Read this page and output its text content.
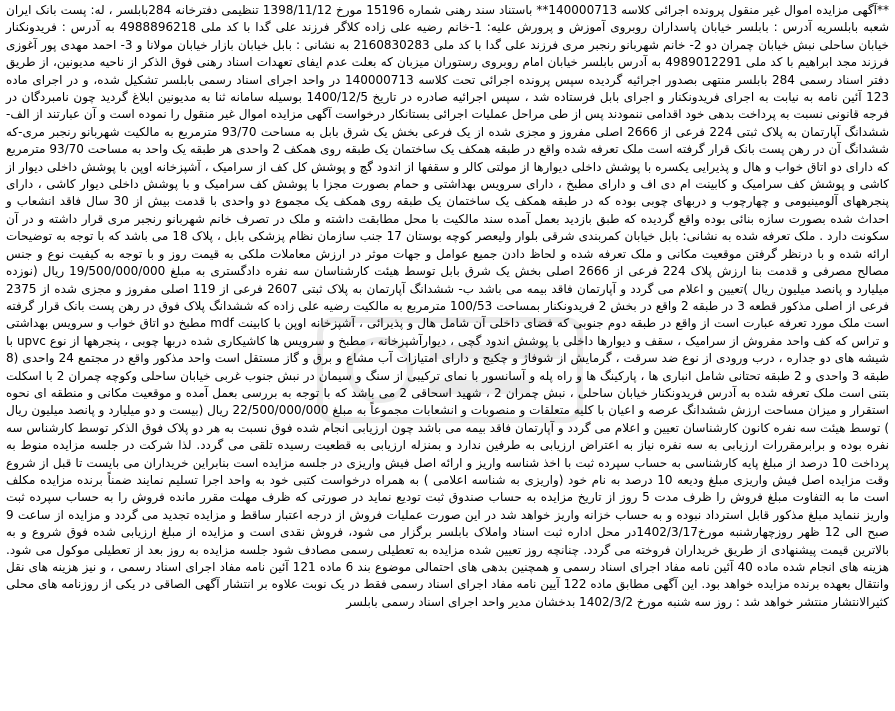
**آگهی مزایده اموال غیر منقول پرونده اجرائی کلاسه 140000713** باستناد سند رهنی شماره 15196 مورخ 1398/11/12 تنظیمی دفترخانه 284بابلسر ، له: پست بانک ایران شعبه بابلسریه آدرس : بابلسر خیابان پاسداران روبروی آموزش و پرورش علیه: 1-خانم رضیه علی زاده کلاگر فرزند علی گدا با کد ملی 4988896218 به آدرس : فریدونکنار خیابان ساحلی نبش خیابان چمران دو 2- خانم شهربانو رنجبر مری فرزند علی گدا با کد ملی 2160830283 به نشانی : بابل خیابان بازار خیابان مولانا و 3- احمد مهدی پور آغوزی فرزند مجد ابراهیم با کد ملی 4989012291 به آدرس بابلسر خیابان امام روبروی رستوران میزبان که بعلت عدم ایفای تعهدات اسناد رهنی فوق الذکر از ناحیه مدیونین، از طریق دفتر اسناد رسمی 284 بابلسر منتهی بصدور اجرائیه گردیده سپس پرونده اجرائی تحت کلاسه 140000713 در واحد اجرای اسناد رسمی بابلسر تشکیل شده، و در اجرای ماده 123 آئین نامه به نیابت به اجرای فریدونکنار و اجرای بابل فرستاده شد ، سپس اجرائیه صادره در تاریخ 1400/12/5 بوسیله سامانه ثنا به مدیونین ابلاغ گردید چون نامبردگان در فرجه قانونی نسبت به پرداخت بدهی خود اقدامی ننمودند پس از طی مراحل عملیات اجرائی بستانکار درخواست آگهی مزایده اموال غیر منقول را نموده است و آن عبارتند از الف- ششدانگ آپارتمان به پلاک ثبتی 224 فرعی از 2666 اصلی مفروز و مجزی شده از یک فرعی بخش یک شرق بابل به مساحت 93/70 مترمربع به مالکیت شهربانو رنجبر مری-که ششدانگ آن در رهن پست بانک قرار گرفته است ملک تعرفه شده واقع در طبقه همکف یک ساختمان یک طبقه روی همکف 2 واحدی هر طبقه یک واحد به مساحت 93/70 مترمربع که دارای دو اتاق خواب و هال و پذیرایی یکسره با پوشش داخلی دیوارها از مولتی کالر و سقفها از اندود گچ و پوشش کل کف از سرامیک ، آشپزخانه اوپن با پوشش داخلی دیوار از کاشی و پوشش کف سرامیک و کابینت ام دی اف و دارای مطبخ ، دارای سرویس بهداشتی و حمام بصورت مجزا با پوشش کف سرامیک و با پوشش داخلی دیوار کاشی ، دارای پنجرههای آلومینیومی و چهارچوب و دربهای چوبی بوده که در طبقه همکف یک ساختمان یک طبقه روی همکف یک مجموع دو واحدی با قدمت بیش از 30 سال فاقد انشعاب و احداث شده بصورت سازه بنائی بوده واقع گردیده که طبق بازدید بعمل آمده سند مالکیت با محل مطابقت داشته و ملک در تصرف خانم شهربانو رنجبر مری قرار داشته و در آن سکونت دارد . ملک تعرفه شده به نشانی: بابل خیابان کمربندی شرقی بلوار ولیعصر کوچه بوستان 17 جنب سازمان نظام پزشکی بابل ، پلاک 18 می باشد که با توجه به توضیحات ارائه شده و با درنظر گرفتن موقعیت مکانی و ملک تعرفه شده و لحاظ دادن جمیع عوامل و جهات موثر در ارزش معاملات ملکی به قیمت روز و با توجه به کیفیت نوع و جنس مصالح مصرفی و قدمت بنا ارزش پلاک 224 فرعی از 2666 اصلی بخش یک شرق بابل توسط هیئت کارشناسان سه نفره دادگستری به مبلغ 19/500/000/000 ریال (نوزده میلیارد و پانصد میلیون ریال )تعیین و اعلام می گردد و آپارتمان فاقد بیمه می باشد ب- ششدانگ آپارتمان به پلاک ثبتی 2607 فرعی از 119 اصلی مفروز و مجزی شده از 2375 فرعی از اصلی مذکور قطعه 3 در طبقه 2 واقع در بخش 2 فریدونکنار بمساحت 100/53 مترمربع به مالکیت رضیه علی زاده که ششدانگ پلاک فوق در رهن پست بانک قرار گرفته است ملک مورد تعرفه عبارت است از واقع در طبقه دوم جنوبی که فضای داخلی آن شامل هال و پذیرائی ، آشپزخانه اوپن با کابینت mdf مطبخ دو اتاق خواب و سرویس بهداشتی و تراس که کف واحد مفروش از سرامیک ، سقف و دیوارها داخلی با پوشش اندود گچی ، دیوارآشپزخانه ، مطبخ و سرویس ها کاشیکاری شده دربها چوبی ، پنجرهها از نوع upvc با شیشه های دو جداره ، درب ورودی از نوع ضد سرقت ، گرمایش از شوفاژ و چکیج و دارای امتیازات آب مشاع و برق و گاز مستقل است واحد مذکور واقع در مجتمع 24 واحدی (8 طبقه 3 واحدی و 2 طبقه تحتانی شامل انباری ها ، پارکینگ ها و راه پله و آسانسور با نمای ترکیبی از سنگ و سیمان در نبش جنوب غربی خیابان ساحلی وکوچه چمران 2 با اسکلت بتنی است ملک تعرفه شده به آدرس فریدونکنار خیابان ساحلی ، نبش چمران 2 ، شهید اسحاقی 2 می باشد که با توجه به بررسی بعمل آمده و موقعیت مکانی و منطقه ای نحوه استقرار و میزان مساحت ارزش ششدانگ عرصه و اعیان با کلیه متعلقات و منصوبات و انشعابات مجموعاً به مبلغ 22/500/000/000 ریال (بیست و دو میلیارد و پانصد میلیون ریال ) توسط هیئت سه نفره کانون کارشناسان تعیین و اعلام می گردد و آپارتمان فاقد بیمه می باشد چون ارزیابی انجام شده فوق نسبت به هر دو پلاک فوق الذکر توسط کارشناس سه نفره بوده و برابرمقررات ارزیابی به سه نفره نیاز به اعتراض ارزیابی به طرفین ندارد و بمنزله ارزیابی به قطعیت رسیده تلقی می گردد. لذا شرکت در جلسه مزایده منوط به پرداخت 10 درصد از مبلغ پایه کارشناسی به حساب سپرده ثبت با اخذ شناسه واریز و ارائه اصل فیش واریزی در جلسه مزایده است بنابراین خریداران می بایست تا قبل از شروع وقت مزایده اصل فیش واریزی مبلغ ودیعه 10 درصد به نام خود (واریزی به شناسه اعلامی ) به همراه درخواست کتبی خود به واحد اجرا تسلیم نمایند ضمناً برنده مزایده مکلف است ما به التفاوت مبلغ فروش را ظرف مدت 5 روز از تاریخ مزایده به حساب صندوق ثبت تودیع نماید در صورتی که ظرف مهلت مقرر مانده فروش را به حساب سپرده ثبت واریز ننماید مبلغ مذکور قابل استرداد نبوده و به حساب خزانه واریز خواهد شد در این صورت عملیات فروش از درجه اعتبار ساقط و مزایده تجدید می گردد و مزایده از ساعت 9 صبح الی 12 ظهر روزچهارشنبه مورخ1402/3/17در محل اداره ثبت اسناد واملاک بابلسر برگزار می شود، فروش نقدی است و مزایده از مبلغ ارزیابی شده فوق شروع و به بالاترین قیمت پیشنهادی از طریق خریداران فروخته می گردد. چنانچه روز تعیین شده مزایده به تعطیلی رسمی مصادف شود جلسه مزایده به روز بعد از تعطیلی موکول می شود. هزینه های انجام شده ماده 40 آئین نامه مفاد اجرای اسناد رسمی و همچنین بدهی های احتمالی موضوع بند 6 ماده 121 آئین نامه مفاد اجرای اسناد رسمی ، و نیز هزینه های نقل وانتقال بعهده برنده مزایده خواهد بود. این آگهی مطابق ماده 122 آیین نامه مفاد اجرای اسناد رسمی فقط در یک نوبت علاوه بر انتشار آگهی الصاقی در یکی از روزنامه های محلی کثیرالانتشار منتشر خواهد شد : روز سه شنبه مورخ 1402/3/2 بدخشان مدیر واحد اجرای اسناد رسمی بابلسر
